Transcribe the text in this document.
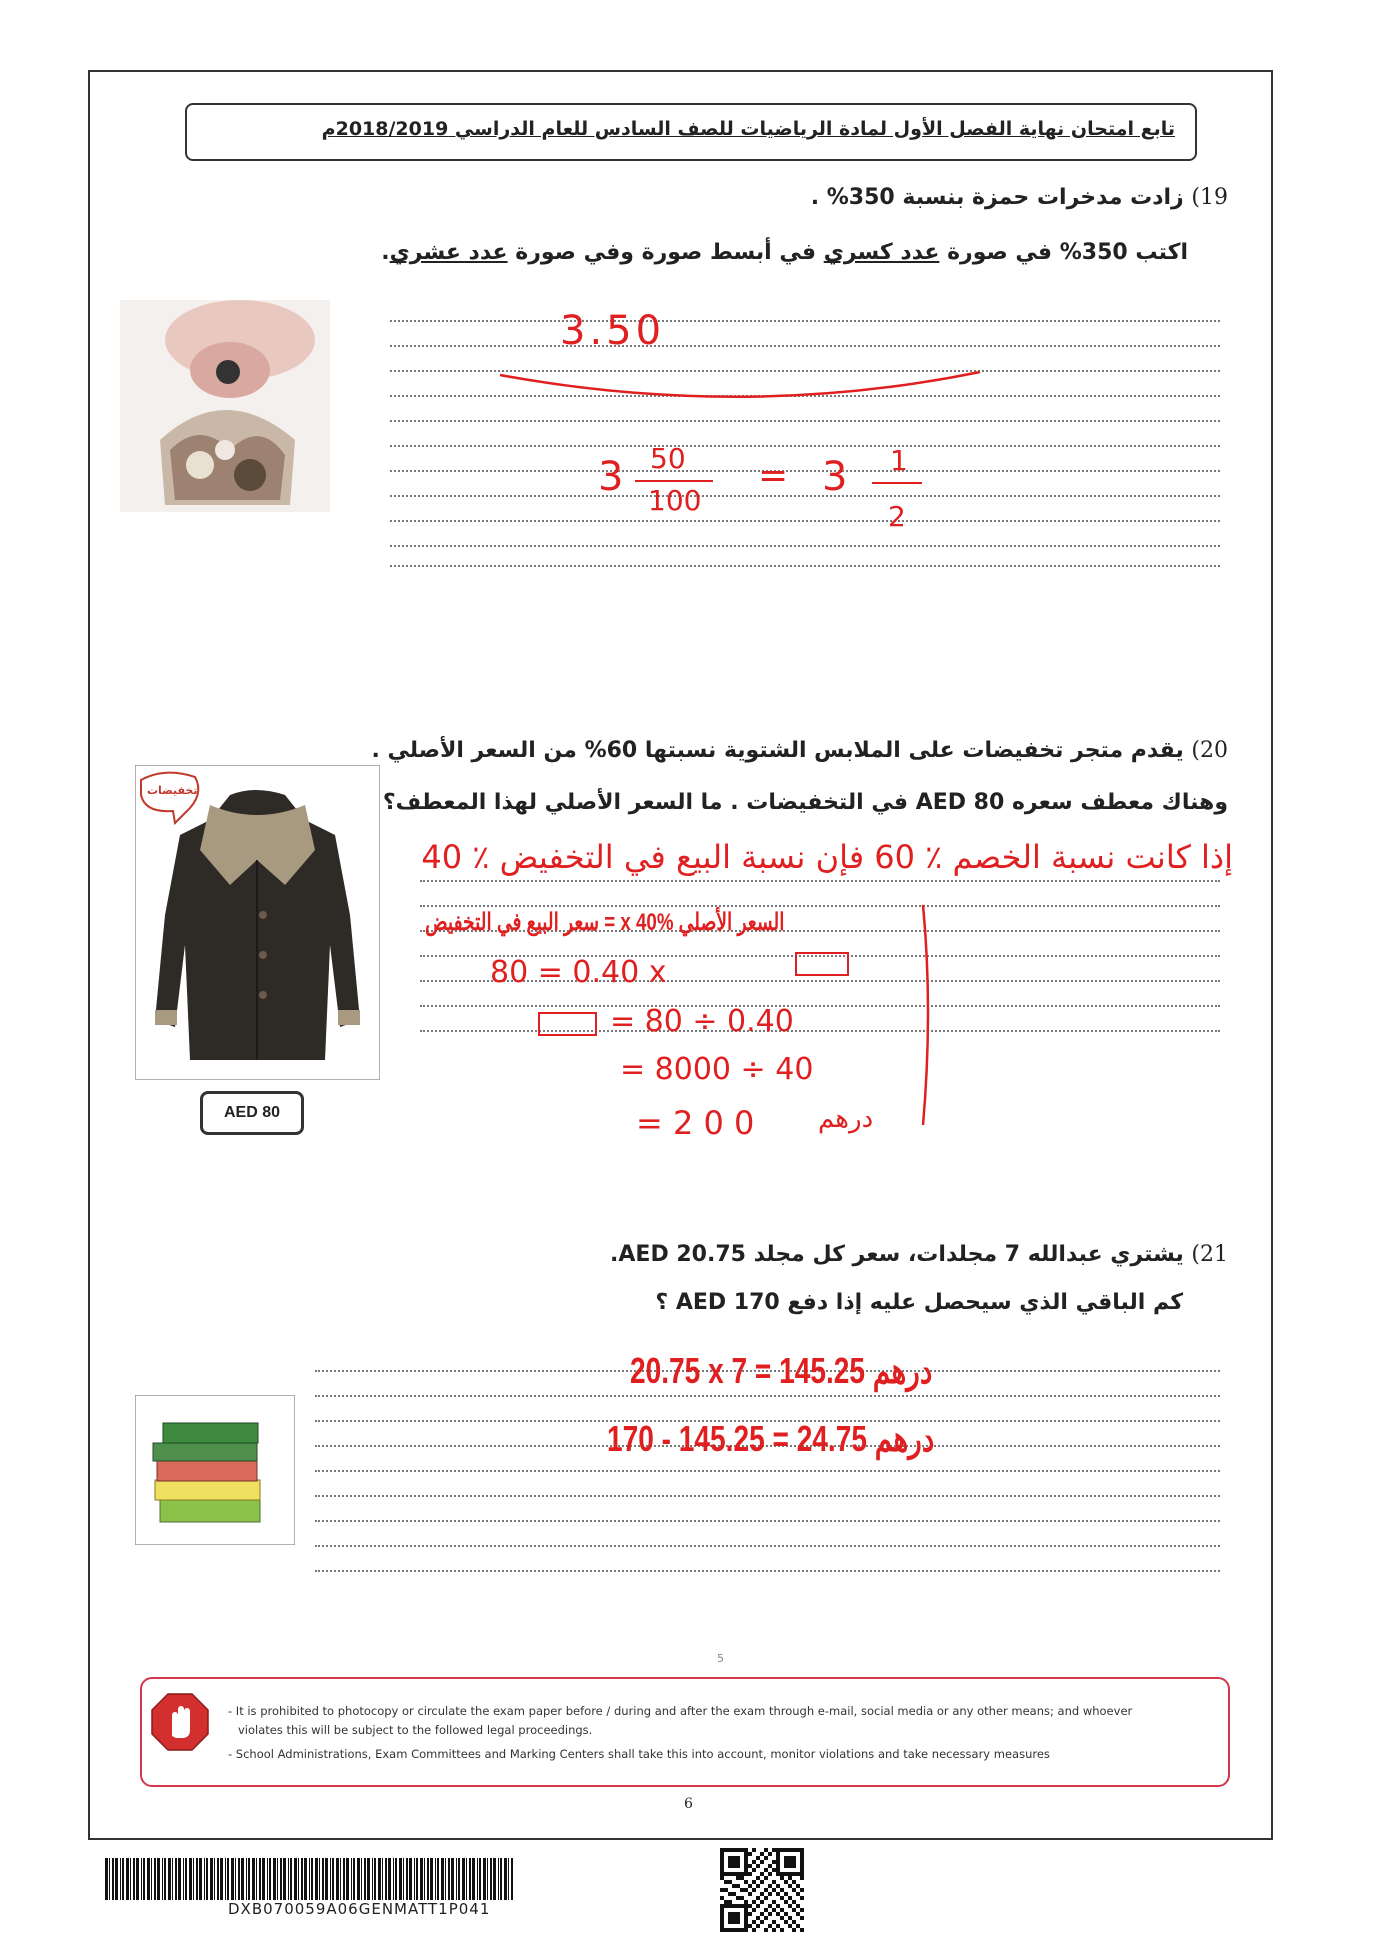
تابع امتحان نهاية الفصل الأول لمادة الرياضيات للصف السادس للعام الدراسي 2018/2019م
19) زادت مدخرات حمزة بنسبة 350% .
اكتب 350% في صورة عدد كسري في أبسط صورة وفي صورة عدد عشري.
3.50
3 50
100
= 3 1
2
20) يقدم متجر تخفيضات على الملابس الشتوية نسبتها 60% من السعر الأصلي .
وهناك معطف سعره AED 80 في التخفيضات . ما السعر الأصلي لهذا المعطف؟
تخفيضات
AED 80
إذا كانت نسبة الخصم ٪ 60 فإن نسبة البيع في التخفيض ٪ 40
السعر الأصلي x 40% = سعر البيع في التخفيض
80 = 0.40 x
= 80 ÷ 0.40
= 8000 ÷ 40
= 2 0 0 درهم
21) يشتري عبدالله 7 مجلدات، سعر كل مجلد AED 20.75.
كم الباقي الذي سيحصل عليه إذا دفع AED 170 ؟
20.75 x 7 = 145.25 درهم
170 - 145.25 = 24.75 درهم
5
- It is prohibited to photocopy or circulate the exam paper before / during and after the exam through e-mail, social media or any other means; and whoever
violates this will be subject to the followed legal proceedings.
- School Administrations, Exam Committees and Marking Centers shall take this into account, monitor violations and take necessary measures
6
DXB070059A06GENMATT1P041
